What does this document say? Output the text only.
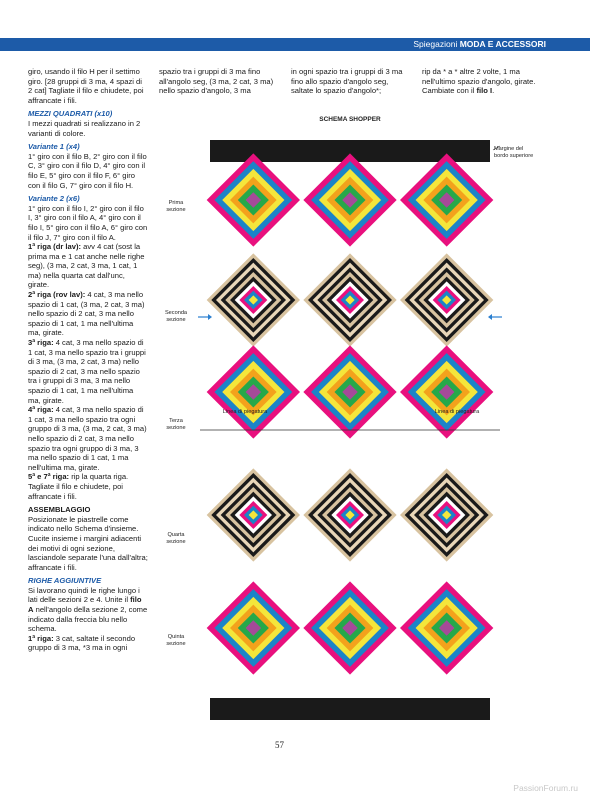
Spiegazioni MODA E ACCESSORI

giro, usando il filo H per il settimo giro. [28 gruppi di 3 ma, 4 spazi di 2 cat] Tagliate il filo e chiudete, poi affrancate i fili.

MEZZI QUADRATI (x10)

I mezzi quadrati si realizzano in 2 varianti di colore.

Variante 1 (x4)

1° giro con il filo B, 2° giro con il filo C, 3° giro con il filo D, 4° giro con il filo E, 5° giro con il filo F, 6° giro con il filo G, 7° giro con il filo H.

Variante 2 (x6)

1° giro con il filo I, 2° giro con il filo I, 3° giro con il filo A, 4° giro con il filo I, 5° giro con il filo A, 6° giro con il filo J, 7° giro con il filo A.

1ª riga (dr lav): avv 4 cat (sost la prima ma e 1 cat anche nelle righe seg), (3 ma, 2 cat, 3 ma, 1 cat, 1 ma) nella quarta cat dall'unc, girate.

2ª riga (rov lav): 4 cat, 3 ma nello spazio di 1 cat, (3 ma, 2 cat, 3 ma) nello spazio di 2 cat, 3 ma nello spazio di 1 cat, 1 ma nell'ultima ma, girate.

3ª riga: 4 cat, 3 ma nello spazio di 1 cat, 3 ma nello spazio tra i gruppi di 3 ma, (3 ma, 2 cat, 3 ma) nello spazio di 2 cat, 3 ma nello spazio tra i gruppi di 3 ma, 3 ma nello spazio di 1 cat, 1 ma nell'ultima ma, girate.

4ª riga: 4 cat, 3 ma nello spazio di 1 cat, 3 ma nello spazio tra ogni gruppo di 3 ma, (3 ma, 2 cat, 3 ma) nello spazio di 2 cat, 3 ma nello spazio tra ogni gruppo di 3 ma, 3 ma nello spazio di 1 cat, 1 ma nell'ultima ma, girate.

5ª e 7ª riga: rip la quarta riga. Tagliate il filo e chiudete, poi affrancate i fili.

ASSEMBLAGGIO

Posizionate le piastrelle come indicato nello Schema d'insieme. Cucite insieme i margini adiacenti dei motivi di ogni sezione, lasciandole separate l'una dall'altra; affrancate i fili.

RIGHE AGGIUNTIVE

Si lavorano quindi le righe lungo i lati delle sezioni 2 e 4. Unite il filo A nell'angolo della sezione 2, come indicato dalla freccia blu nello schema.

1ª riga: 3 cat, saltate il secondo gruppo di 3 ma, *3 ma in ogni

spazio tra i gruppi di 3 ma fino all'angolo seg, (3 ma, 2 cat, 3 ma) nello spazio d'angolo, 3 ma

in ogni spazio tra i gruppi di 3 ma fino allo spazio d'angolo seg, saltate lo spazio d'angolo*;

rip da * a * altre 2 volte, 1 ma nell'ultimo spazio d'angolo, girate. Cambiate con il filo I.

SCHEMA SHOPPER
Margine del
bordo superiore
Prima
sezione
Seconda
sezione
Terza
sezione
Quarta
sezione
Quinta
sezione
Linea di piegatura	Linea di piegatura
57
PassionForum.ru
